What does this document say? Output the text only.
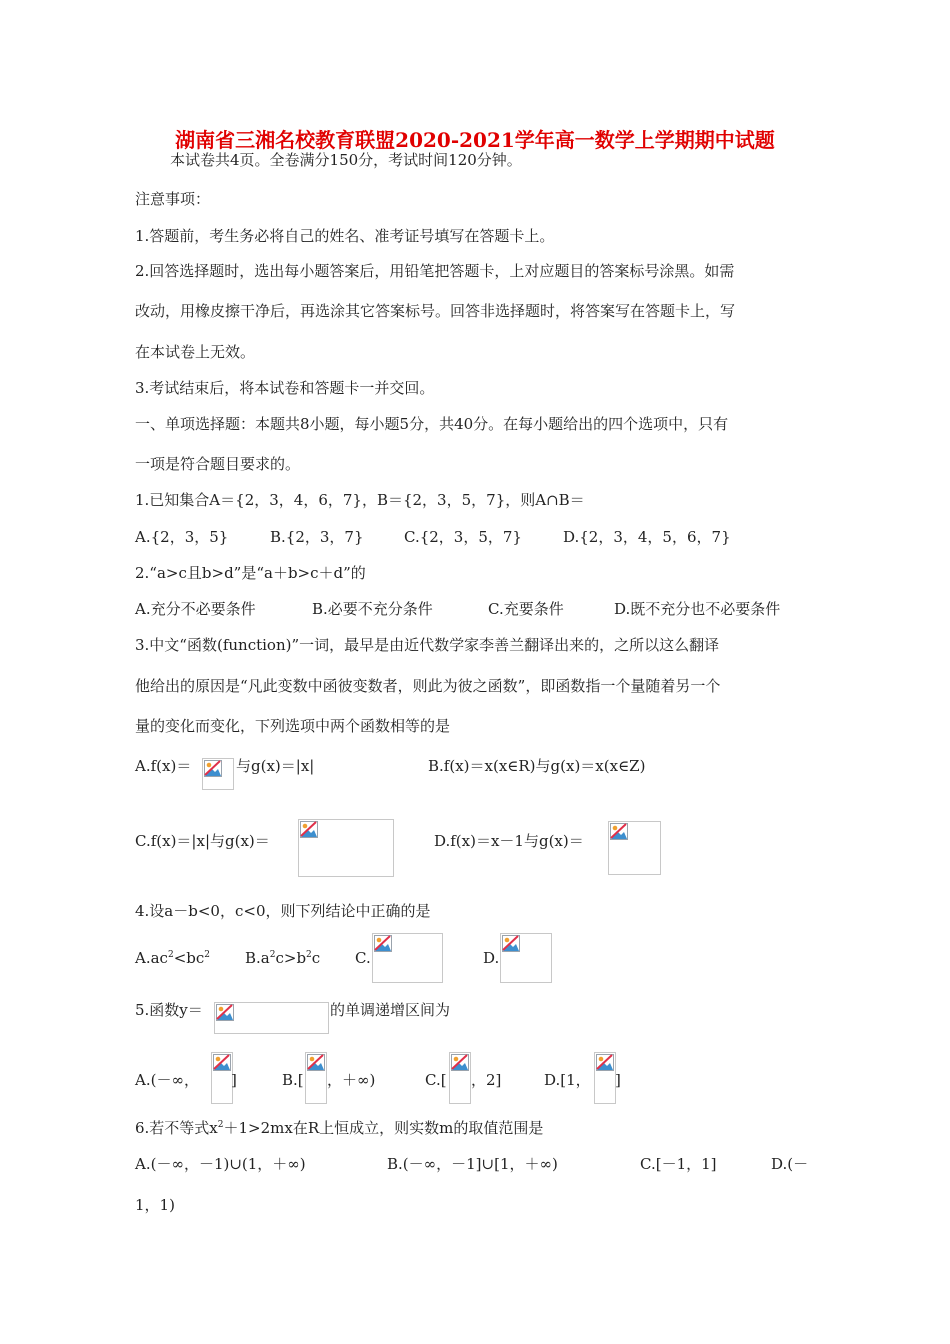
湖南省三湘名校教育联盟2020-2021学年高一数学上学期期中试题
本试卷共4页。全卷满分150分，考试时间120分钟。
注意事项：
1.答题前，考生务必将自己的姓名、准考证号填写在答题卡上。
2.回答选择题时，选出每小题答案后，用铅笔把答题卡，上对应题目的答案标号涂黑。如需
改动，用橡皮擦干净后，再选涂其它答案标号。回答非选择题时，将答案写在答题卡上，写
在本试卷上无效。
3.考试结束后，将本试卷和答题卡一并交回。
一、单项选择题：本题共8小题，每小题5分，共40分。在每小题给出的四个选项中，只有
一项是符合题目要求的。
1.已知集合A＝{2，3，4，6，7}，B＝{2，3，5，7}，则A∩B＝
A.{2，3，5}	B.{2，3，7}	C.{2，3，5，7}	D.{2，3，4，5，6，7}
2.“a>c且b>d”是“a＋b>c＋d”的
A.充分不必要条件	B.必要不充分条件	C.充要条件	D.既不充分也不必要条件
3.中文“函数(function)”一词，最早是由近代数学家李善兰翻译出来的，之所以这么翻译
他给出的原因是“凡此变数中函彼变数者，则此为彼之函数”，即函数指一个量随着另一个
量的变化而变化，下列选项中两个函数相等的是
A.f(x)＝	与g(x)＝|x|	B.f(x)＝x(x∈R)与g(x)＝x(x∈Z)
C.f(x)＝|x|与g(x)＝	D.f(x)＝x－1与g(x)＝
4.设a－b<0，c<0，则下列结论中正确的是
$A.ac^2<bc^2$ $B.a^2c>b^2c$ C.	D.
5.函数y＝	的单调递增区间为
A.(－∞， ]	B.[ ，＋∞)	C.[ ，2]	D.[1， ]
6.若不等式$x^2+1>2mx$在R上恒成立，则实数m的取值范围是
A.(－∞，－1)∪(1，＋∞)	B.(－∞，－1]∪[1，＋∞)	C.[－1，1]	D.(－
1，1)
